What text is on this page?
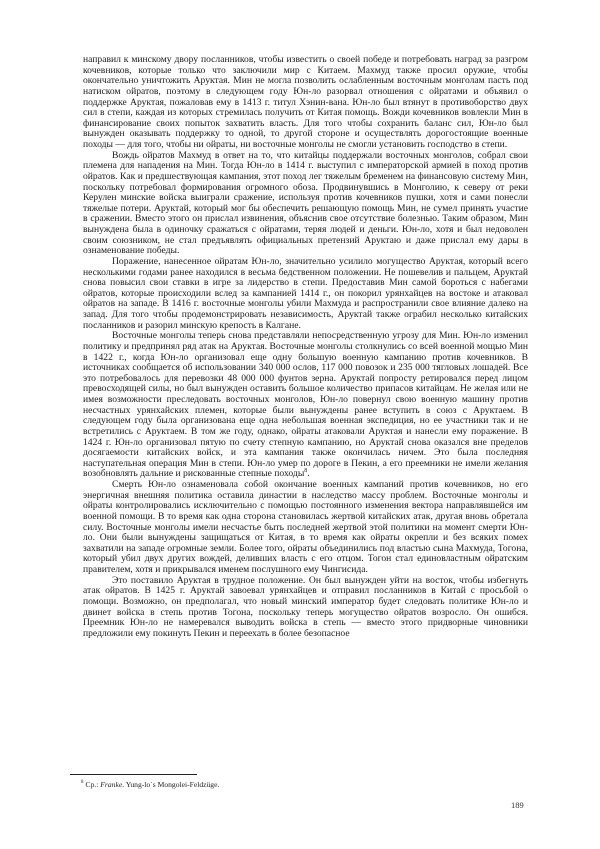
направил к минскому двору посланников, чтобы известить о своей победе и потребовать наград за разгром кочевников, которые только что заключили мир с Китаем. Махмуд также просил оружие, чтобы окончательно уничтожить Аруктая. Мин не могла позволить ослабленным восточным монголам пасть под натиском ойратов, поэтому в следующем году Юн-ло разорвал отношения с ойратами и объявил о поддержке Аруктая, пожаловав ему в 1413 г. титул Хэнин-вана. Юн-ло был втянут в противоборство двух сил в степи, каждая из которых стремилась получить от Китая помощь. Вожди кочевников вовлекли Мин в финансирование своих попыток захватить власть. Для того чтобы сохранить баланс сил, Юн-ло был вынужден оказывать поддержку то одной, то другой стороне и осуществлять дорогостоящие военные походы — для того, чтобы ни ойраты, ни восточные монголы не смогли установить господство в степи.

Вождь ойратов Махмуд в ответ на то, что китайцы поддержали восточных монголов, собрал свои племена для нападения на Мин. Тогда Юн-ло в 1414 г. выступил с императорской армией в поход против ойратов. Как и предшествующая кампания, этот поход лег тяжелым бременем на финансовую систему Мин, поскольку потребовал формирования огромного обоза. Продвинувшись в Монголию, к северу от реки Керулен минские войска выиграли сражение, используя против кочевников пушки, хотя и сами понесли тяжелые потери. Аруктай, который мог бы обеспечить решающую помощь Мин, не сумел принять участие в сражении. Вместо этого он прислал извинения, объяснив свое отсутствие болезнью. Таким образом, Мин вынуждена была в одиночку сражаться с ойратами, теряя людей и деньги. Юн-ло, хотя и был недоволен своим союзником, не стал предъявлять официальных претензий Аруктаю и даже прислал ему дары в ознаменование победы.

Поражение, нанесенное ойратам Юн-ло, значительно усилило могущество Аруктая, который всего несколькими годами ранее находился в весьма бедственном положении. Не пошевелив и пальцем, Аруктай снова повысил свои ставки в игре за лидерство в степи. Предоставив Мин самой бороться с набегами ойратов, которые происходили вслед за кампанией 1414 г., он покорил урянхайцев на востоке и атаковал ойратов на западе. В 1416 г. восточные монголы убили Махмуда и распространили свое влияние далеко на запад. Для того чтобы продемонстрировать независимость, Аруктай также ограбил несколько китайских посланников и разорил минскую крепость в Калгане.

Восточные монголы теперь снова представляли непосредственную угрозу для Мин. Юн-ло изменил политику и предпринял ряд атак на Аруктая. Восточные монголы столкнулись со всей военной мощью Мин в 1422 г., когда Юн-ло организовал еще одну большую военную кампанию против кочевников. В источниках сообщается об использовании 340 000 ослов, 117 000 повозок и 235 000 тягловых лошадей. Все это потребовалось для перевозки 48 000 000 фунтов зерна. Аруктай попросту ретировался перед лицом превосходящей силы, но был вынужден оставить большое количество припасов китайцам. Не желая или не имея возможности преследовать восточных монголов, Юн-ло повернул свою военную машину против несчастных урянхайских племен, которые были вынуждены ранее вступить в союз с Аруктаем. В следующем году была организована еще одна небольшая военная экспедиция, но ее участники так и не встретились с Аруктаем. В том же году, однако, ойраты атаковали Аруктая и нанесли ему поражение. В 1424 г. Юн-ло организовал пятую по счету степную кампанию, но Аруктай снова оказался вне пределов досягаемости китайских войск, и эта кампания также окончилась ничем. Это была последняя наступательная операция Мин в степи. Юн-ло умер по дороге в Пекин, а его преемники не имели желания возобновлять дальние и рискованные степные походы$^8$.

Смерть Юн-ло ознаменовала собой окончание военных кампаний против кочевников, но его энергичная внешняя политика оставила династии в наследство массу проблем. Восточные монголы и ойраты контролировались исключительно с помощью постоянного изменения вектора направлявшейся им военной помощи. В то время как одна сторона становилась жертвой китайских атак, другая вновь обретала силу. Восточные монголы имели несчастье быть последней жертвой этой политики на момент смерти Юн-ло. Они были вынуждены защищаться от Китая, в то время как ойраты окрепли и без всяких помех захватили на западе огромные земли. Более того, ойраты объединились под властью сына Махмуда, Тогона, который убил двух других вождей, деливших власть с его отцом. Тогон стал единовластным ойратским правителем, хотя и прикрывался именем послушного ему Чингисида.

Это поставило Аруктая в трудное положение. Он был вынужден уйти на восток, чтобы избегнуть атак ойратов. В 1425 г. Аруктай завоевал урянхайцев и отправил посланников в Китай с просьбой о помощи. Возможно, он предполагал, что новый минский император будет следовать политике Юн-ло и двинет войска в степь против Тогона, поскольку теперь могущество ойратов возросло. Он ошибся. Преемник Юн-ло не намеревался выводить войска в степь — вместо этого придворные чиновники предложили ему покинуть Пекин и переехать в более безопасное

$^8$ Ср.: Franke. Yung-lo`s Mongolei-Feldzüge.
189
